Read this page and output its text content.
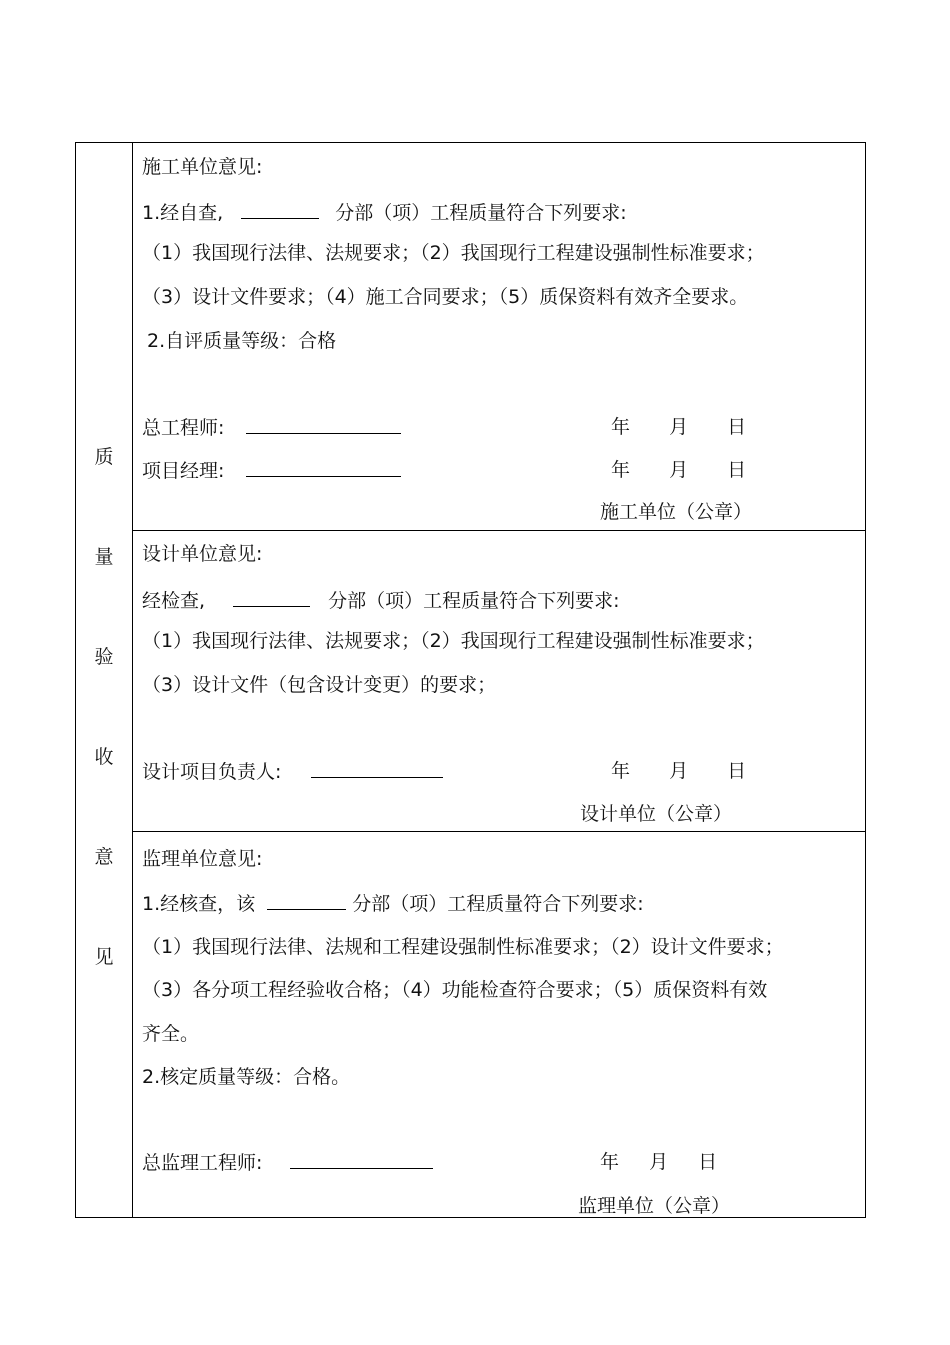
质
量
验
收
意
见
施工单位意见:
1.经自查,	分部（项）工程质量符合下列要求:
（1）我国现行法律、法规要求；（2）我国现行工程建设强制性标准要求；
（3）设计文件要求；（4）施工合同要求；（5）质保资料有效齐全要求。
2.自评质量等级：合格
总工程师:	年 月 日
项目经理:	年 月 日
施工单位（公章）
设计单位意见:
经检查,	分部（项）工程质量符合下列要求:
（1）我国现行法律、法规要求；（2）我国现行工程建设强制性标准要求；
（3）设计文件（包含设计变更）的要求；
设计项目负责人:	年 月 日
设计单位（公章）
监理单位意见:
1.经核查，该	分部（项）工程质量符合下列要求:
（1）我国现行法律、法规和工程建设强制性标准要求；（2）设计文件要求；
（3）各分项工程经验收合格；（4）功能检查符合要求；（5）质保资料有效
齐全。
2.核定质量等级：合格。
总监理工程师:	年 月 日
监理单位（公章）
